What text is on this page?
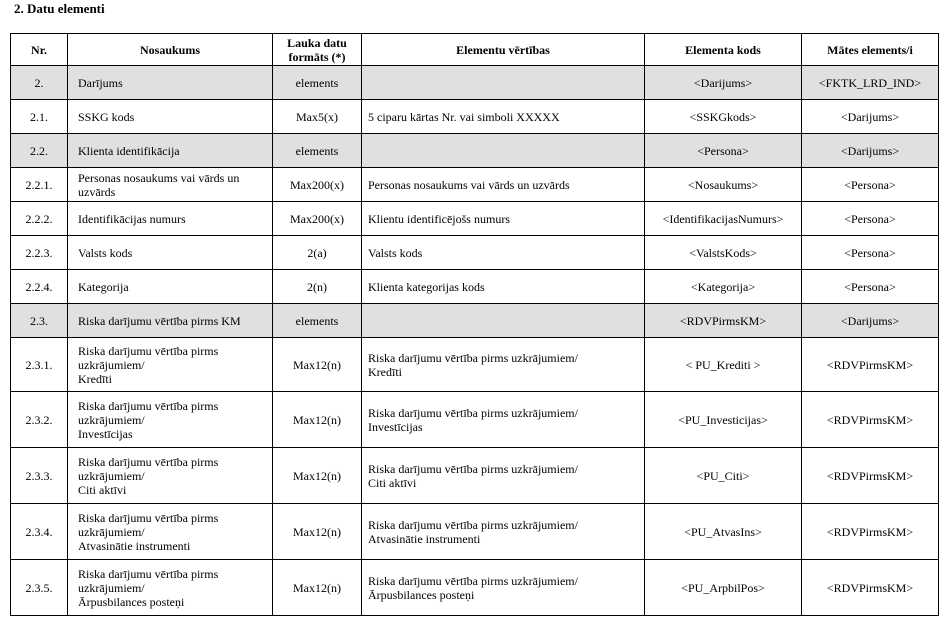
2. Datu elementi
Nr.	Nosaukums	Lauka datu
formāts (*)	Elementu vērtības	Elementa kods	Mātes elements/i
2.	Darījums	elements		<Darijums>	<FKTK_LRD_IND>
2.1.	SSKG kods	Max5(x)	5 ciparu kārtas Nr. vai simboli XXXXX	<SSKGkods>	<Darijums>
2.2.	Klienta identifikācija	elements		<Persona>	<Darijums>
2.2.1.	Personas nosaukums vai vārds un
uzvārds	Max200(x)	Personas nosaukums vai vārds un uzvārds	<Nosaukums>	<Persona>
2.2.2.	Identifikācijas numurs	Max200(x)	Klientu identificējošs numurs	<IdentifikacijasNumurs>	<Persona>
2.2.3.	Valsts kods	2(a)	Valsts kods	<ValstsKods>	<Persona>
2.2.4.	Kategorija	2(n)	Klienta kategorijas kods	<Kategorija>	<Persona>
2.3.	Riska darījumu vērtība pirms KM	elements		<RDVPirmsKM>	<Darijums>
2.3.1.	Riska darījumu vērtība pirms
uzkrājumiem/
Kredīti	Max12(n)	Riska darījumu vērtība pirms uzkrājumiem/
Kredīti	< PU_Krediti >	<RDVPirmsKM>
2.3.2.	Riska darījumu vērtība pirms
uzkrājumiem/
Investīcijas	Max12(n)	Riska darījumu vērtība pirms uzkrājumiem/
Investīcijas	<PU_Investicijas>	<RDVPirmsKM>
2.3.3.	Riska darījumu vērtība pirms
uzkrājumiem/
Citi aktīvi	Max12(n)	Riska darījumu vērtība pirms uzkrājumiem/
Citi aktīvi	<PU_Citi>	<RDVPirmsKM>
2.3.4.	Riska darījumu vērtība pirms
uzkrājumiem/
Atvasinātie instrumenti	Max12(n)	Riska darījumu vērtība pirms uzkrājumiem/
Atvasinātie instrumenti	<PU_AtvasIns>	<RDVPirmsKM>
2.3.5.	Riska darījumu vērtība pirms
uzkrājumiem/
Ārpusbilances posteņi	Max12(n)	Riska darījumu vērtība pirms uzkrājumiem/
Ārpusbilances posteņi	<PU_ArpbilPos>	<RDVPirmsKM>
